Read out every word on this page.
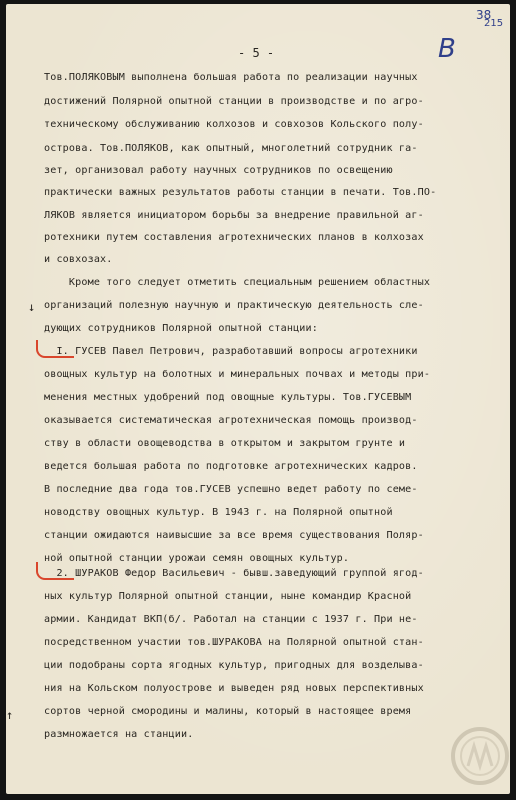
38
215
В

- 5 -

Тов.ПОЛЯКОВЫМ выполнена большая работа по реализации научных

достижений Полярной опытной станции в производстве и по агро-

техническому обслуживанию колхозов и совхозов Кольского полу-

острова. Тов.ПОЛЯКОВ, как опытный, многолетний сотрудник га-

зет, организовал работу научных сотрудников по освещению

практически важных результатов работы станции в печати. Тов.ПО-

ЛЯКОВ является инициатором борьбы за внедрение правильной аг-

ротехники путем составления агротехнических планов в колхозах

и совхозах.

Кроме того следует отметить специальным решением областных

организаций полезную научную и практическую деятельность сле-

дующих сотрудников Полярной опытной станции:

I. ГУСЕВ Павел Петрович, разработавший вопросы агротехники

овощных культур на болотных и минеральных почвах и методы при-

менения местных удобрений под овощные культуры. Тов.ГУСЕВЫМ

оказывается систематическая агротехническая помощь производ-

ству в области овощеводства в открытом и закрытом грунте и

ведется большая работа по подготовке агротехнических кадров.

В последние два года тов.ГУСЕВ успешно ведет работу по семе-

новодству овощных культур. В 1943 г. на Полярной опытной

станции ожидаются наивысшие за все время существования Поляр-

ной опытной станции урожаи семян овощных культур.

2. ШУРАКОВ Федор Васильевич - бывш.заведующий группой ягод-

ных культур Полярной опытной станции, ныне командир Красной

армии. Кандидат ВКП(б/. Работал на станции с 1937 г. При не-

посредственном участии тов.ШУРАКОВА на Полярной опытной стан-

ции подобраны сорта ягодных культур, пригодных для возделыва-

ния на Кольском полуострове и выведен ряд новых перспективных

сортов черной смородины и малины, который в настоящее время

размножается на станции.

↓
↑
